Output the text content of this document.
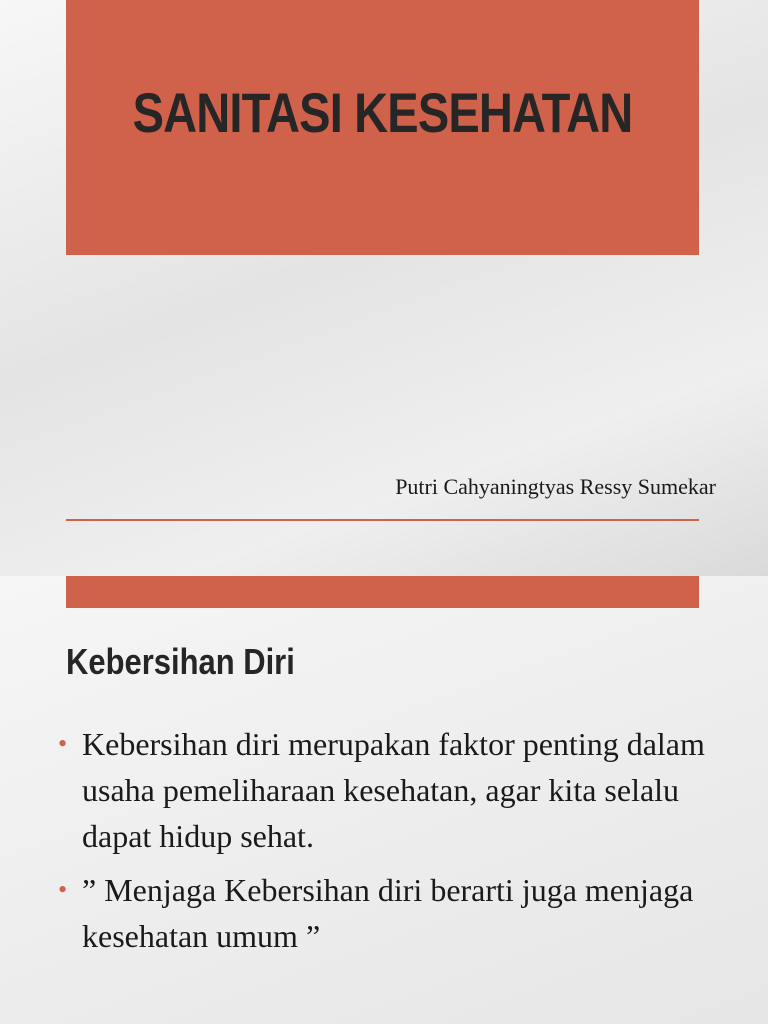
SANITASI KESEHATAN
Putri Cahyaningtyas Ressy Sumekar
Kebersihan Diri
• Kebersihan diri merupakan faktor penting dalam usaha pemeliharaan kesehatan, agar kita selalu dapat hidup sehat.
• ” Menjaga Kebersihan diri berarti juga menjaga kesehatan umum ”
